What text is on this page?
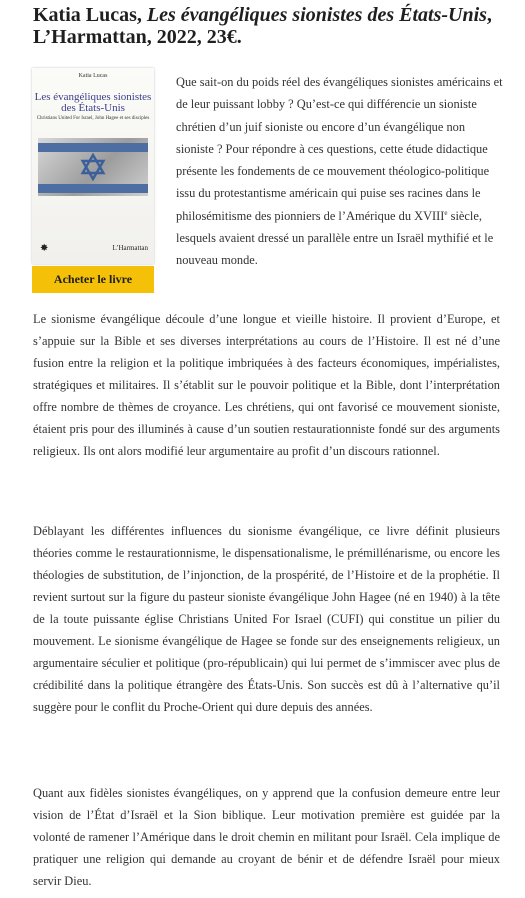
Katia Lucas, Les évangéliques sionistes des États-Unis, L’Harmattan, 2022, 23€.
Katia Lucas
Les évangéliques sionistes des États-Unis
Christians United For Israel, John Hagee et ses disciples
✸	L’Harmattan
Acheter le livre

Que sait-on du poids réel des évangéliques sionistes américains et de leur puissant lobby ? Qu’est-ce qui différencie un sioniste chrétien d’un juif sioniste ou encore d’un évangélique non sioniste ? Pour répondre à ces questions, cette étude didactique présente les fondements de ce mouvement théologico-politique issu du protestantisme américain qui puise ses racines dans le philosémitisme des pionniers de l’Amérique du XVIIIe siècle, lesquels avaient dressé un parallèle entre un Israël mythifié et le nouveau monde.

Le sionisme évangélique découle d’une longue et vieille histoire. Il provient d’Europe, et s’appuie sur la Bible et ses diverses interprétations au cours de l’Histoire. Il est né d’une fusion entre la religion et la politique imbriquées à des facteurs économiques, impérialistes, stratégiques et militaires. Il s’établit sur le pouvoir politique et la Bible, dont l’interprétation offre nombre de thèmes de croyance. Les chrétiens, qui ont favorisé ce mouvement sioniste, étaient pris pour des illuminés à cause d’un soutien restaurationniste fondé sur des arguments religieux. Ils ont alors modifié leur argumentaire au profit d’un discours rationnel.

Déblayant les différentes influences du sionisme évangélique, ce livre définit plusieurs théories comme le restaurationnisme, le dispensationalisme, le prémillénarisme, ou encore les théologies de substitution, de l’injonction, de la prospérité, de l’Histoire et de la prophétie. Il revient surtout sur la figure du pasteur sioniste évangélique John Hagee (né en 1940) à la tête de la toute puissante église Christians United For Israel (CUFI) qui constitue un pilier du mouvement. Le sionisme évangélique de Hagee se fonde sur des enseignements religieux, un argumentaire séculier et politique (pro-républicain) qui lui permet de s’immiscer avec plus de crédibilité dans la politique étrangère des États-Unis. Son succès est dû à l’alternative qu’il suggère pour le conflit du Proche-Orient qui dure depuis des années.

Quant aux fidèles sionistes évangéliques, on y apprend que la confusion demeure entre leur vision de l’État d’Israël et la Sion biblique. Leur motivation première est guidée par la volonté de ramener l’Amérique dans le droit chemin en militant pour Israël. Cela implique de pratiquer une religion qui demande au croyant de bénir et de défendre Israël pour mieux servir Dieu.
